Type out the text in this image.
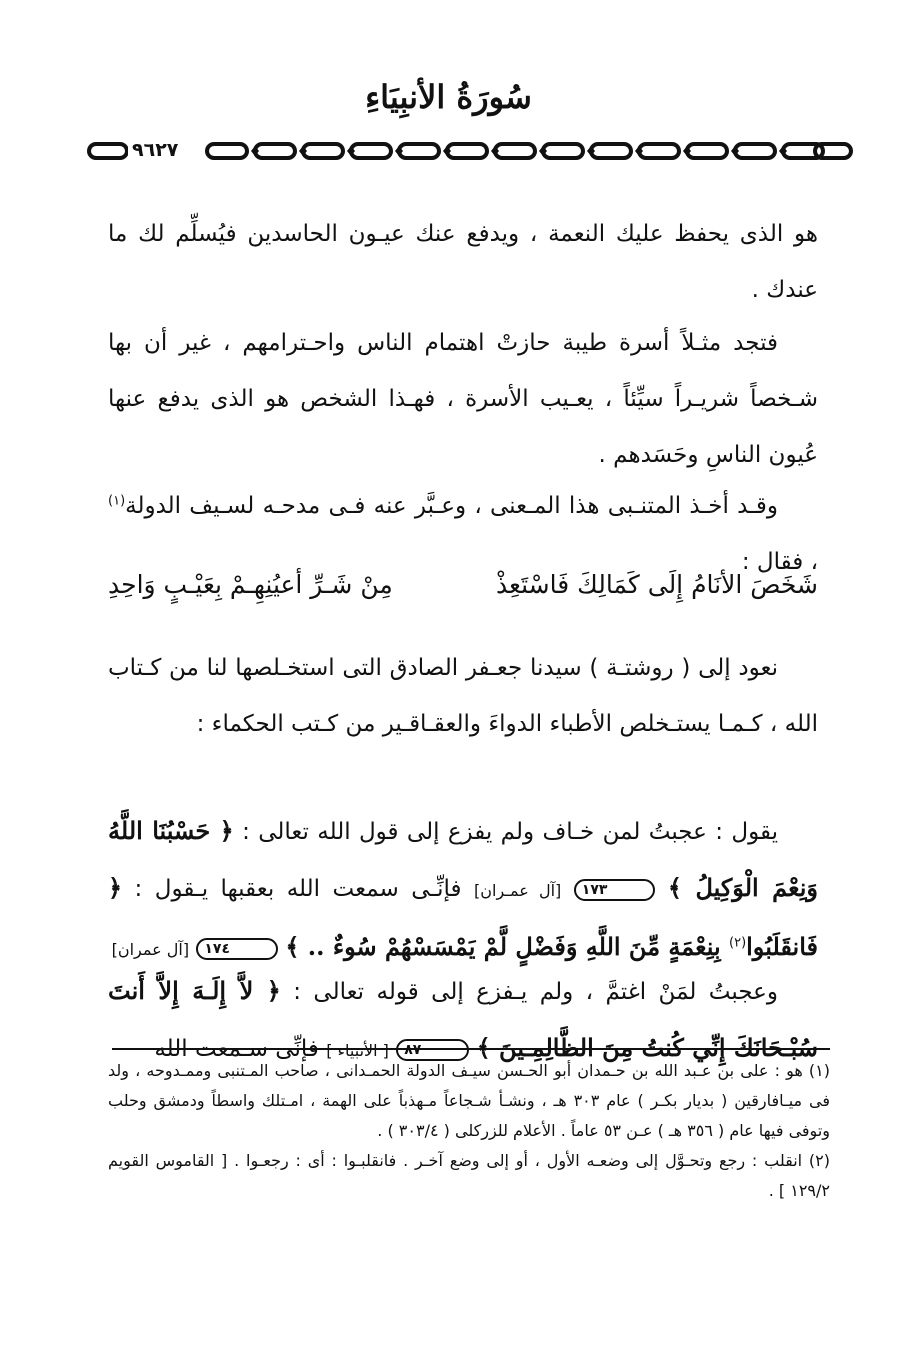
سُورَةُ الأنبِيَاءِ
٩٦٢٧

هو الذى يحفظ عليك النعمة ، ويدفع عنك عيـون الحاسدين فيُسلِّم لك ما عندك .

فتجد مثـلاً أسرة طيبة حازتْ اهتمام الناس واحـترامهم ، غير أن بها شـخصاً شريـراً سيِّئاً ، يعـيب الأسرة ، فهـذا الشخص هو الذى يدفع عنها عُيون الناسِ وحَسَدهم .

وقـد أخـذ المتنـبى هذا المـعنى ، وعـبَّر عنه فـى مدحـه لسـيف الدولة$^{(١)}$ ، فقال :

شَخَصَ الأنَامُ إِلَى كَمَالِكَ فَاسْتَعِذْ
مِنْ شَـرِّ أعيُنِهِـمْ بِعَيْـبٍ وَاحِدِ

نعود إلى ( روشتـة ) سيدنا جعـفر الصادق التى استخـلصها لنا من كـتاب الله ، كـمـا يستـخلص الأطباء الدواءَ والعقـاقـير من كـتب الحكماء :

يقول : عجبتُ لمن خـاف ولم يفزع إلى قول الله تعالى : ﴿ حَسْبُنَا اللَّهُ وَنِعْمَ الْوَكِيلُ ﴾ ١٧٣ [آل عمـران] فإنِّـى سمعت الله بعقبها يـقول : ﴿ فَانقَلَبُوا$^{(٢)}$ بِنِعْمَةٍ مِّنَ اللَّهِ وَفَضْلٍ لَّمْ يَمْسَسْهُمْ سُوءٌ .. ﴾ ١٧٤ [آل عمران]

وعجبتُ لمَنْ اغتمَّ ، ولم يـفزع إلى قوله تعالى : ﴿ لاَّ إِلَـهَ إِلاَّ أَنتَ سُبْـحَانَكَ إِنِّي كُنتُ مِنَ الظَّالِمِـينَ ﴾ ٨٧ [ الأنبياء ] فإنِّى سـمعت الله

(١) هو : على بن عـبد الله بن حـمدان أبو الحـسن سيـف الدولة الحمـدانى ، صاحب المـتنبى وممـدوحه ، ولد فى ميـافارقين ( بديار بكـر ) عام ٣٠٣ هـ ، ونشـأ شـجاعاً مـهذباً على الهمة ، امـتلك واسطاً ودمشق وحلب وتوفى فيها عام ( ٣٥٦ هـ ) عـن ٥٣ عاماً . الأعلام للزركلى ( ٣٠٣/٤ ) .

(٢) انقلب : رجع وتحـوَّل إلى وضعـه الأول ، أو إلى وضع آخـر . فانقلبـوا : أى : رجعـوا . [ القاموس القويم ١٢٩/٢ ] .
